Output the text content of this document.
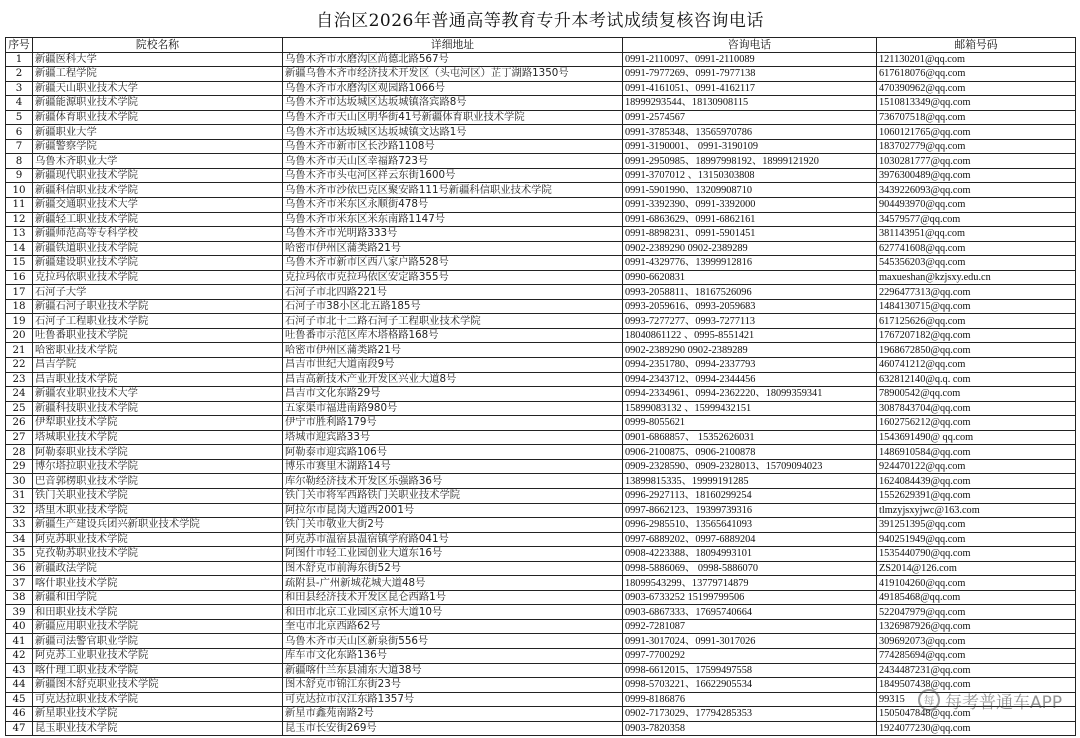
自治区2026年普通高等教育专升本考试成绩复核咨询电话
序号	院校名称	详细地址	咨询电话	邮箱号码
1	新疆医科大学	乌鲁木齐市水磨沟区尚德北路567号	0991-2110097、0991-2110089	121130201@qq.com
2	新疆工程学院	新疆乌鲁木齐市经济技术开发区（头屯河区）芷丁湖路1350号	0991-7977269、0991-7977138	617618076@qq.com
3	新疆天山职业技术大学	乌鲁木齐市水磨沟区观园路1066号	0991-4161051、0991-4162117	470390962@qq.com
4	新疆能源职业技术学院	乌鲁木齐市达坂城区达坂城镇洛宾路8号	18999293544、18130908115	1510813349@qq.com
5	新疆体育职业技术学院	乌鲁木齐市天山区明华街41号新疆体育职业技术学院	0991-2574567	736707518@qq.com
6	新疆职业大学	乌鲁木齐市达坂城区达坂城镇文达路1号	0991-3785348、13565970786	1060121765@qq.com
7	新疆警察学院	乌鲁木齐市新市区长沙路1108号	0991-3190001、 0991-3190109	183702779@qq.com
8	乌鲁木齐职业大学	乌鲁木齐市天山区幸福路723号	0991-2950985、18997998192、18999121920	1030281777@qq.com
9	新疆现代职业技术学院	乌鲁木齐市头屯河区祥云东街1600号	0991-3707012 、13150303808	3976300489@qq.com
10	新疆科信职业技术学院	乌鲁木齐市沙依巴克区聚安路111号新疆科信职业技术学院	0991-5901990、13209908710	3439226093@qq.com
11	新疆交通职业技术大学	乌鲁木齐市米东区永顺街478号	0991-3392390、0991-3392000	904493970@qq.com
12	新疆轻工职业技术学院	乌鲁木齐市米东区米东南路1147号	0991-6863629、0991-6862161	34579577@qq.com
13	新疆师范高等专科学校	乌鲁木齐市光明路333号	0991-8898231、0991-5901451	381143951@qq.com
14	新疆铁道职业技术学院	哈密市伊州区蒲类路21号	0902-2389290 0902-2389289	627741608@qq.com
15	新疆建设职业技术学院	乌鲁木齐市新市区西八家户路528号	0991-4329776、13999912816	545356203@qq.com
16	克拉玛依职业技术学院	克拉玛依市克拉玛依区安定路355号	0990-6620831	maxueshan@kzjsxy.edu.cn
17	石河子大学	石河子市北四路221号	0993-2058811、18167526096	2296477313@qq.com
18	新疆石河子职业技术学院	石河子市38小区北五路185号	0993-2059616、0993-2059683	1484130715@qq.com
19	石河子工程职业技术学院	石河子市北十二路石河子工程职业技术学院	0993-7277277、0993-7277113	617125626@qq.com
20	吐鲁番职业技术学院	吐鲁番市示范区库木塔格路168号	18040861122 、0995-8551421	1767207182@qq.com
21	哈密职业技术学院	哈密市伊州区蒲类路21号	0902-2389290 0902-2389289	1968672850@qq.com
22	昌吉学院	昌吉市世纪大道南段9号	0994-2351780、0994-2337793	460741212@qq.com
23	昌吉职业技术学院	昌吉高新技术产业开发区兴业大道8号	0994-2343712、0994-2344456	632812140@q.q. com
24	新疆农业职业技术大学	昌吉市文化东路29号	0994-2334961、0994-2362220、18099359341	78900542@qq.com
25	新疆科技职业技术学院	五家渠市福进南路980号	15899083132 、15999432151	3087843704@qq.com
26	伊犁职业技术学院	伊宁市胜利路179号	0999-8055621	1602756212@qq.com
27	塔城职业技术学院	塔城市迎宾路33号	0901-6868857、 15352626031	1543691490@ qq.com
28	阿勒泰职业技术学院	阿勒泰市迎宾路106号	0906-2100875、0906-2100878	1486910584@qq.com
29	博尔塔拉职业技术学院	博乐市赛里木湖路14号	0909-2328590、0909-2328013、15709094023	924470122@qq.com
30	巴音郭楞职业技术学院	库尔勒经济技术开发区乐强路36号	13899815335、19999191285	1624084439@qq.com
31	铁门关职业技术学院	铁门关市将军西路铁门关职业技术学院	0996-2927113、18160299254	1552629391@qq.com
32	塔里木职业技术学院	阿拉尔市昆岗大道西2001号	0997-8662123、19399739316	tlmzyjsxyjwc@163.com
33	新疆生产建设兵团兴新职业技术学院	铁门关市敬业大街2号	0996-2985510、13565641093	391251395@qq.com
34	阿克苏职业技术学院	阿克苏市温宿县温宿镇学府路041号	0997-6889202、0997-6889204	940251949@qq.com
35	克孜勒苏职业技术学院	阿图什市轻工业园创业大道东16号	0908-4223388、18094993101	1535440790@qq.com
36	新疆政法学院	图木舒克市前海东街52号	0998-5886069、 0998-5886070	ZS2014@126.com
37	喀什职业技术学院	疏附县-广州新城花城大道48号	18099543299、13779714879	419104260@qq.com
38	新疆和田学院	和田县经济技术开发区昆仑西路1号	0903-6733252 15199799506	49185468@qq.com
39	和田职业技术学院	和田市北京工业园区京怀大道10号	0903-6867333、17695740664	522047979@qq.com
40	新疆应用职业技术学院	奎屯市北京西路62号	0992-7281087	1326987926@qq.com
41	新疆司法警官职业学院	乌鲁木齐市天山区新泉街556号	0991-3017024、0991-3017026	309692073@qq.com
42	阿克苏工业职业技术学院	库车市文化东路136号	0997-7700292	774285694@qq.com
43	喀什理工职业技术学院	新疆喀什兰东县浦东大道38号	0998-6612015、17599497558	2434487231@qq.com
44	新疆图木舒克职业技术学院	图木舒克市锦江东街23号	0998-5703221、16622905534	1849507438@qq.com
45	可克达拉职业技术学院	可克达拉市汉江东路1357号	0999-8186876	99315
46	新星职业技术学院	新星市鑫苑南路2号	0902-7173029、17794285353	1505047848@qq.com
47	昆玉职业技术学院	昆玉市长安街269号	0903-7820358	1924077230@qq.com
每 每考普通车APP
